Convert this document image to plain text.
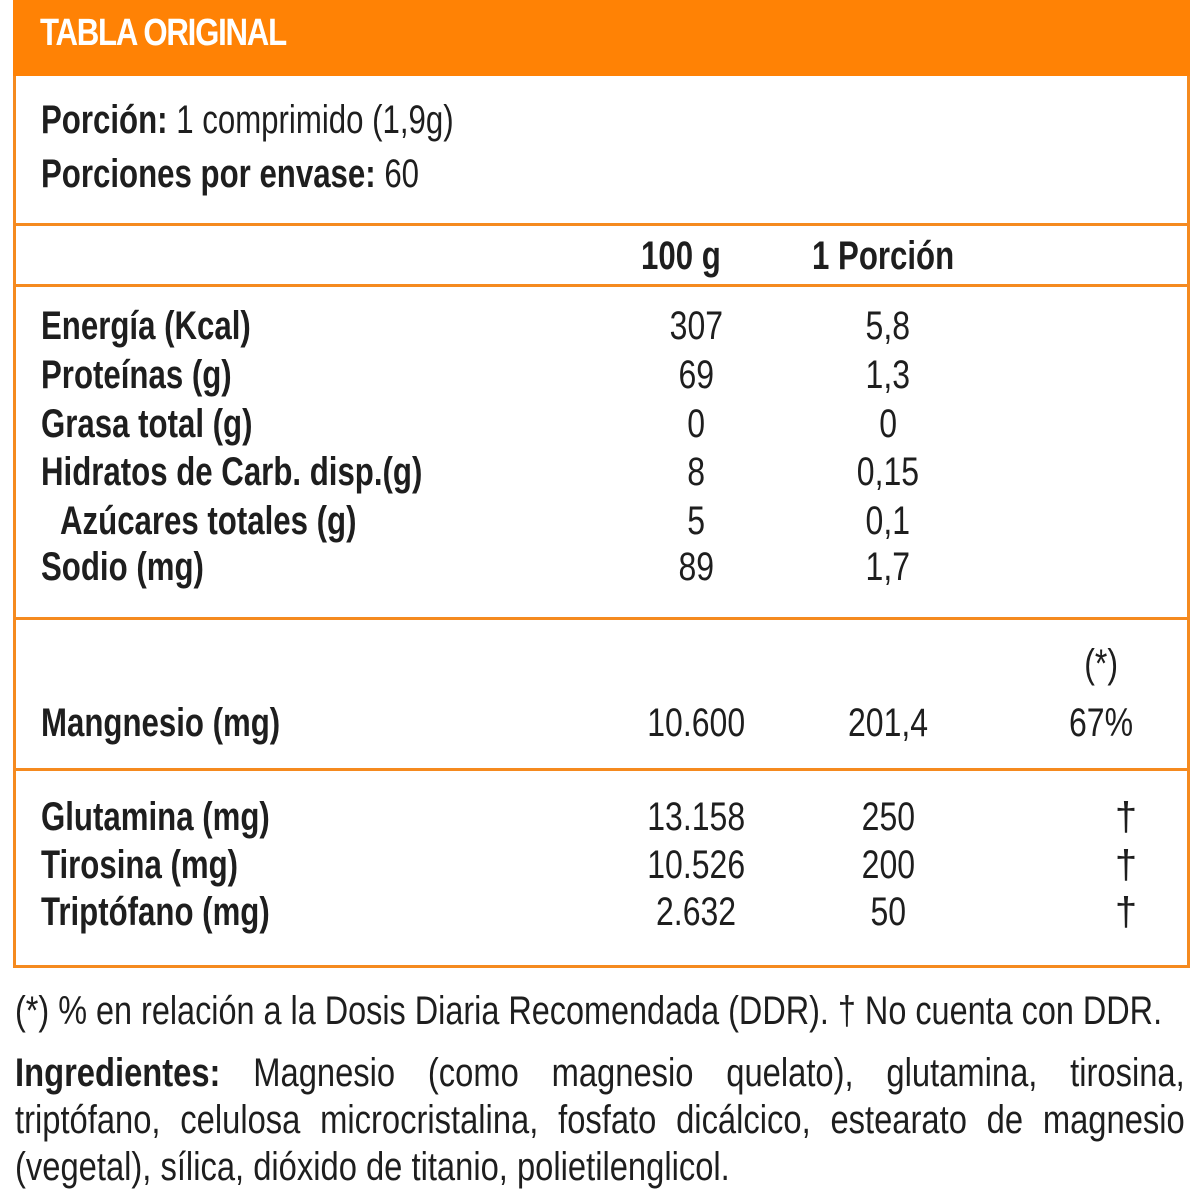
TABLA ORIGINAL
Porción: 1 comprimido (1,9g)
Porciones por envase: 60
100 g	1 Porción
Energía (Kcal)	307	5,8
Proteínas (g)	69	1,3
Grasa total (g)	0	0
Hidratos de Carb. disp.(g)	8	0,15
Azúcares totales (g)	5	0,1
Sodio (mg)	89	1,7
(*)
Mangnesio (mg)	10.600	201,4	67%
Glutamina (mg)	13.158	250	†
Tirosina (mg)	10.526	200	†
Triptófano (mg)	2.632	50	†
(*) % en relación a la Dosis Diaria Recomendada (DDR). † No cuenta con DDR.
Ingredientes: Magnesio (como magnesio quelato), glutamina, tirosina, triptófano, celulosa microcristalina, fosfato dicálcico, estearato de magnesio (vegetal), sílica, dióxido de titanio, polietilenglicol.
